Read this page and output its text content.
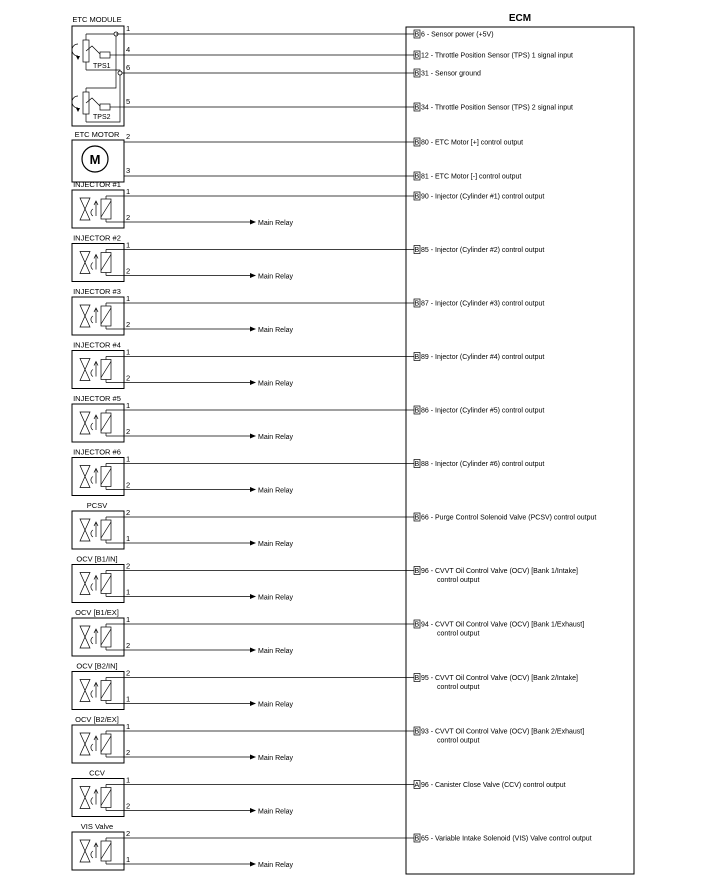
ECM
ETC MODULE
TPS1
TPS2
ETC MOTOR
M
1
4
6
5
2
3
B 6 - Sensor power (+5V)
B 12 - Throttle Position Sensor (TPS) 1 signal input
B 31 - Sensor ground
B 34 - Throttle Position Sensor (TPS) 2 signal input
B 80 - ETC Motor [+] control output
B 81 - ETC Motor [-] control output
INJECTOR #1
Main Relay
1
2
B 90 - Injector (Cylinder #1) control output
INJECTOR #2
Main Relay
1
2
B 85 - Injector (Cylinder #2) control output
INJECTOR #3
Main Relay
1
2
B 87 - Injector (Cylinder #3) control output
INJECTOR #4
Main Relay
1
2
B 89 - Injector (Cylinder #4) control output
INJECTOR #5
Main Relay
1
2
B 86 - Injector (Cylinder #5) control output
INJECTOR #6
Main Relay
1
2
B 88 - Injector (Cylinder #6) control output
PCSV
Main Relay
2
1
B 66 - Purge Control Solenoid Valve (PCSV) control output
OCV [B1/IN]
Main Relay
2
1
B 96 - CVVT Oil Control Valve (OCV) [Bank 1/Intake]
control output
OCV [B1/EX]
Main Relay
1
2
B 94 - CVVT Oil Control Valve (OCV) [Bank 1/Exhaust]
control output
OCV [B2/IN]
Main Relay
2
1
B 95 - CVVT Oil Control Valve (OCV) [Bank 2/Intake]
control output
OCV [B2/EX]
Main Relay
1
2
B 93 - CVVT Oil Control Valve (OCV) [Bank 2/Exhaust]
control output
CCV
Main Relay
1
2
A 96 - Canister Close Valve (CCV) control output
VIS Valve
Main Relay
2
1
B 65 - Variable Intake Solenoid (VIS) Valve control output
